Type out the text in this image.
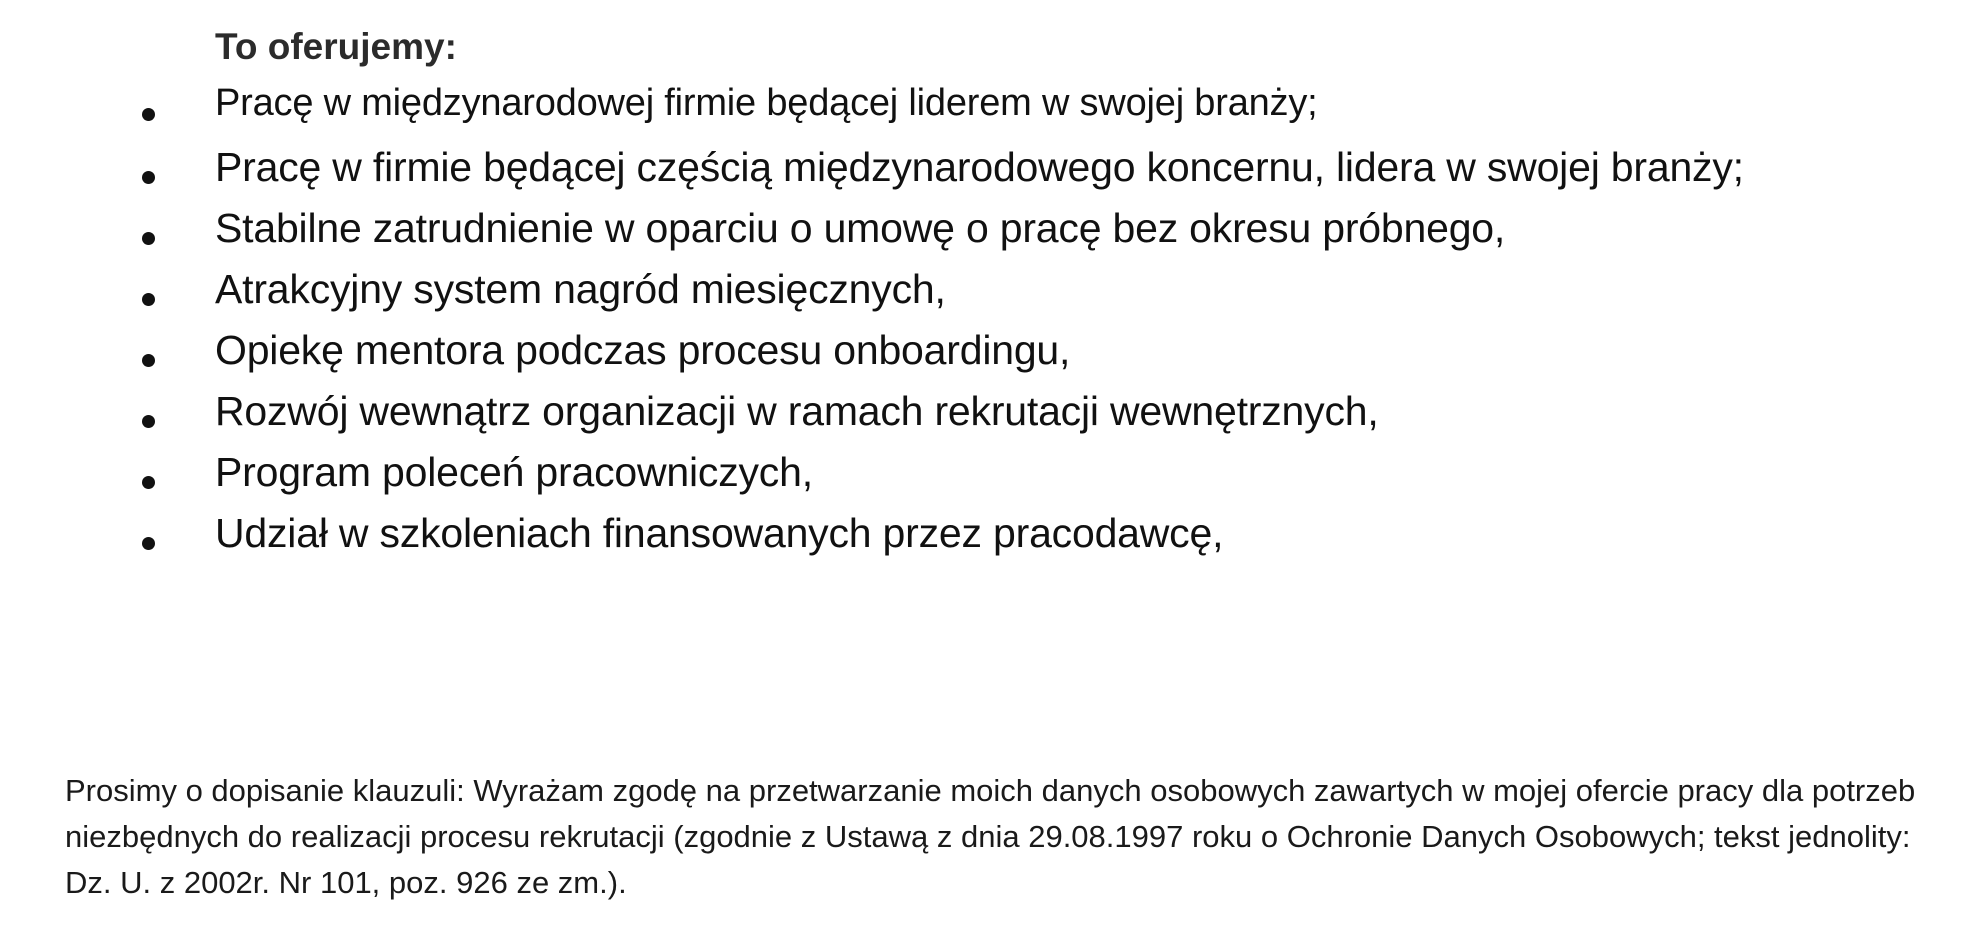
To oferujemy:
Pracę w międzynarodowej firmie będącej liderem w swojej branży;
Pracę w firmie będącej częścią międzynarodowego koncernu, lidera w swojej branży;
Stabilne zatrudnienie w oparciu o umowę o pracę bez okresu próbnego,
Atrakcyjny system nagród miesięcznych,
Opiekę mentora podczas procesu onboardingu,
Rozwój wewnątrz organizacji w ramach rekrutacji wewnętrznych,
Program poleceń pracowniczych,
Udział w szkoleniach finansowanych przez pracodawcę,

Prosimy o dopisanie klauzuli: Wyrażam zgodę na przetwarzanie moich danych osobowych zawartych w mojej ofercie pracy dla potrzeb niezbędnych do realizacji procesu rekrutacji (zgodnie z Ustawą z dnia 29.08.1997 roku o Ochronie Danych Osobowych; tekst jednolity: Dz. U. z 2002r. Nr 101, poz. 926 ze zm.).
